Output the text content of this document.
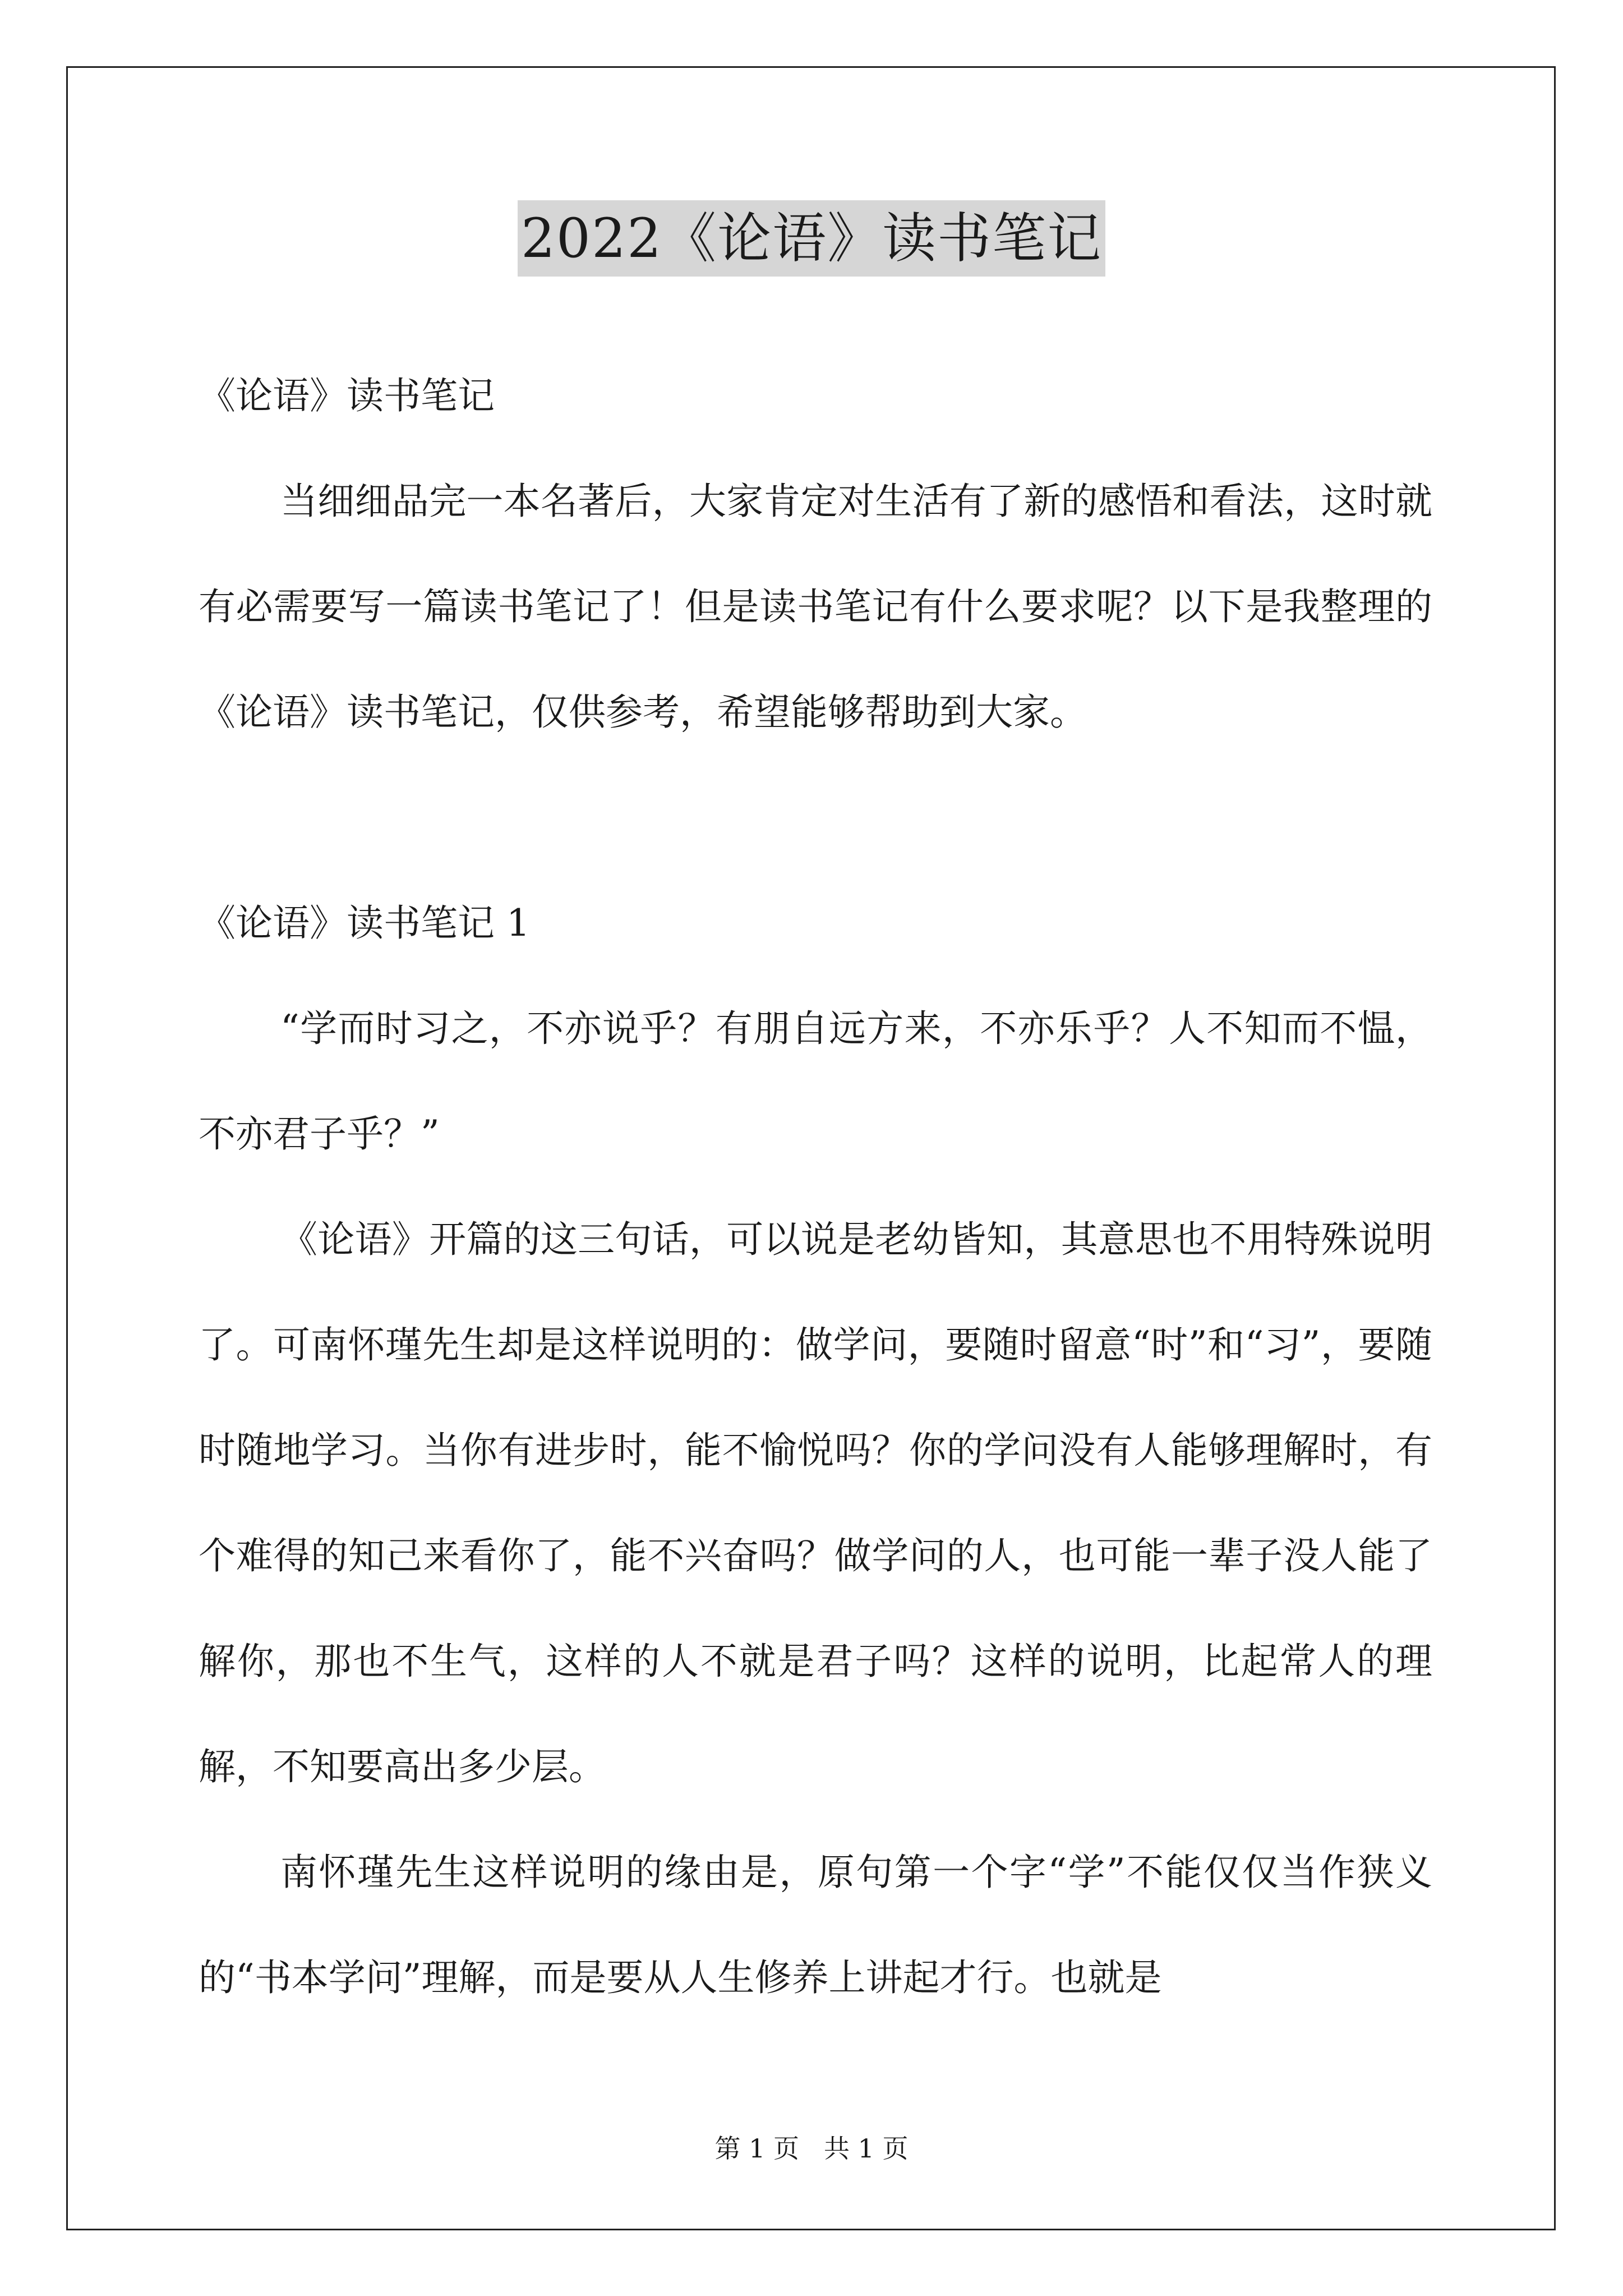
2022《论语》读书笔记

《论语》读书笔记

当细细品完一本名著后，大家肯定对生活有了新的感悟和看法，这时就有必需要写一篇读书笔记了！但是读书笔记有什么要求呢？以下是我整理的《论语》读书笔记，仅供参考，希望能够帮助到大家。

《论语》读书笔记 1

“学而时习之，不亦说乎？有朋自远方来，不亦乐乎？人不知而不愠，不亦君子乎？”

《论语》开篇的这三句话，可以说是老幼皆知，其意思也不用特殊说明了。可南怀瑾先生却是这样说明的：做学问，要随时留意“时”和“习”，要随时随地学习。当你有进步时，能不愉悦吗？你的学问没有人能够理解时，有个难得的知己来看你了，能不兴奋吗？做学问的人，也可能一辈子没人能了解你，那也不生气，这样的人不就是君子吗？这样的说明，比起常人的理解，不知要高出多少层。

南怀瑾先生这样说明的缘由是，原句第一个字“学”不能仅仅当作狭义的“书本学问”理解，而是要从人生修养上讲起才行。也就是

第 1 页 共 1 页
